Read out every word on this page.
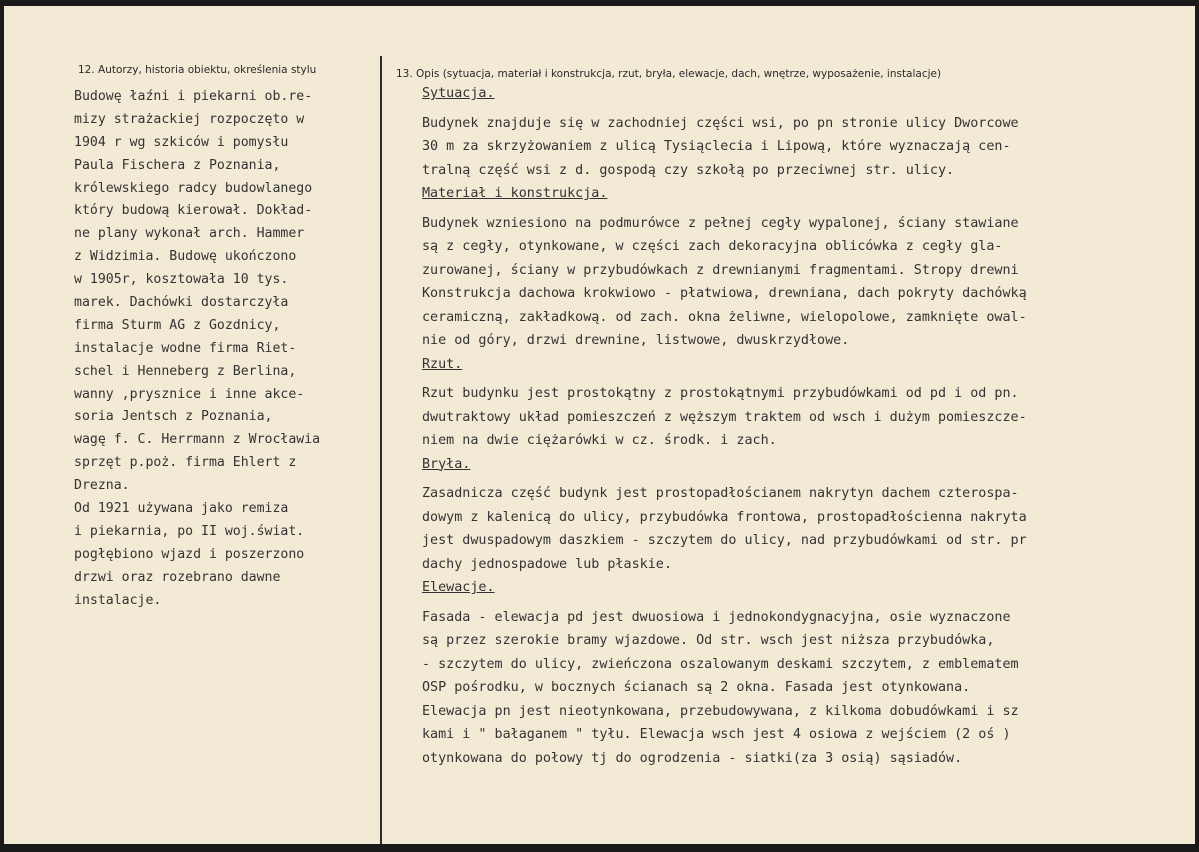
12. Autorzy, historia obiektu, określenia stylu	13. Opis (sytuacja, materiał i konstrukcja, rzut, bryła, elewacje, dach, wnętrze, wyposażenie, instalacje)
Budowę łaźni i piekarni ob.re-
mizy strażackiej rozpoczęto w
1904 r wg szkiców i pomysłu
Paula Fischera z Poznania,
królewskiego radcy budowlanego
który budową kierował. Dokład-
ne plany wykonał arch. Hammer
z Widzimia. Budowę ukończono
w 1905r, kosztowała 10 tys.
marek. Dachówki dostarczyła
firma Sturm AG z Gozdnicy,
instalacje wodne firma Riet-
schel i Henneberg z Berlina,
wanny ,prysznice i inne akce-
soria Jentsch z Poznania,
wagę f. C. Herrmann z Wrocławia
sprzęt p.poż. firma Ehlert z
Drezna.
Od 1921 używana jako remiza
i piekarnia, po II woj.świat.
pogłębiono wjazd i poszerzono
drzwi oraz rozebrano dawne
instalacje.
Sytuacja.
Budynek znajduje się w zachodniej części wsi, po pn stronie ulicy Dworcowe
30 m za skrzyżowaniem z ulicą Tysiąclecia i Lipową, które wyznaczają cen-
tralną część wsi z d. gospodą czy szkołą po przeciwnej str. ulicy.
Materiał i konstrukcja.
Budynek wzniesiono na podmurówce z pełnej cegły wypalonej, ściany stawiane
są z cegły, otynkowane, w części zach dekoracyjna oblicówka z cegły gla-
zurowanej, ściany w przybudówkach z drewnianymi fragmentami. Stropy drewni
Konstrukcja dachowa krokwiowo - płatwiowa, drewniana, dach pokryty dachówką
ceramiczną, zakładkową. od zach. okna żeliwne, wielopolowe, zamknięte owal-
nie od góry, drzwi drewnine, listwowe, dwuskrzydłowe.
Rzut.
Rzut budynku jest prostokątny z prostokątnymi przybudówkami od pd i od pn.
dwutraktowy układ pomieszczeń z węższym traktem od wsch i dużym pomieszcze-
niem na dwie ciężarówki w cz. środk. i zach.
Bryła.
Zasadnicza część budynk jest prostopadłościanem nakrytyn dachem czterospa-
dowym z kalenicą do ulicy, przybudówka frontowa, prostopadłościenna nakryta
jest dwuspadowym daszkiem - szczytem do ulicy, nad przybudówkami od str. pr
dachy jednospadowe lub płaskie.
Elewacje.
Fasada - elewacja pd jest dwuosiowa i jednokondygnacyjna, osie wyznaczone
są przez szerokie bramy wjazdowe. Od str. wsch jest niższa przybudówka,
- szczytem do ulicy, zwieńczona oszalowanym deskami szczytem, z emblematem
OSP pośrodku, w bocznych ścianach są 2 okna. Fasada jest otynkowana.
Elewacja pn jest nieotynkowana, przebudowywana, z kilkoma dobudówkami i sz
kami i " bałaganem " tyłu. Elewacja wsch jest 4 osiowa z wejściem (2 oś )
otynkowana do połowy tj do ogrodzenia - siatki(za 3 osią) sąsiadów.
